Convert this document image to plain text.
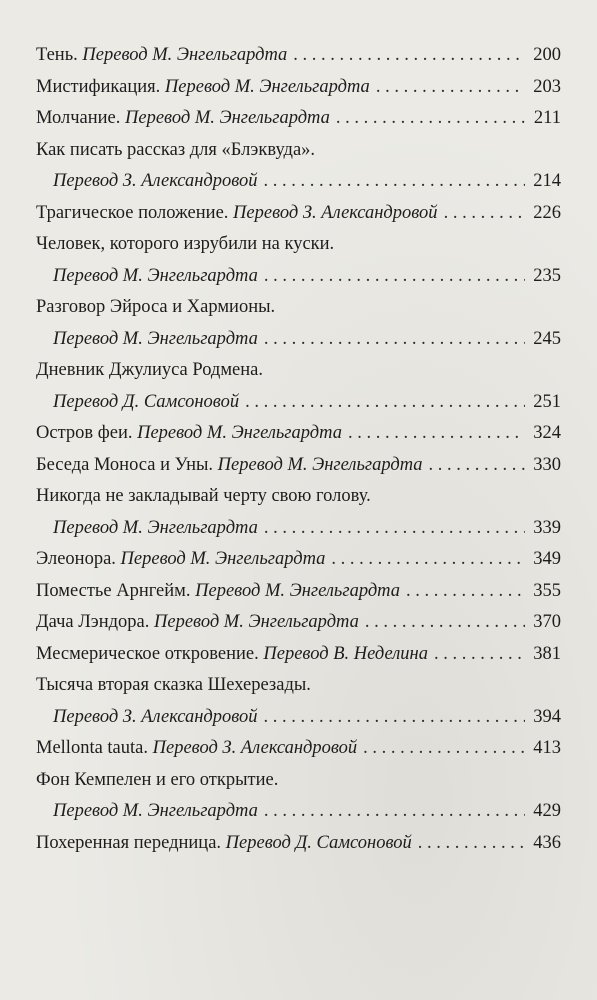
Тень.
Перевод М. Энгельгардта . . .	200
Мистификация.
Перевод М. Энгельгардта . . .	203
Молчание.
Перевод М. Энгельгардта . . .	211
Как писать рассказ для «Блэквуда».
Перевод З. Александровой . . .	214
Трагическое положение.
Перевод З. Александровой . . .	226
Человек, которого изрубили на куски.
Перевод М. Энгельгардта . . .	235
Разговор Эйроса и Хармионы.
Перевод М. Энгельгардта . . .	245
Дневник Джулиуса Родмена.
Перевод Д. Самсоновой . . .	251
Остров феи.
Перевод М. Энгельгардта . . .	324
Беседа Моноса и Уны.
Перевод М. Энгельгардта . . .	330
Никогда не закладывай черту свою голову.
Перевод М. Энгельгардта . . .	339
Элеонора.
Перевод М. Энгельгардта . . .	349
Поместье Арнгейм.
Перевод М. Энгельгардта . . .	355
Дача Лэндора.
Перевод М. Энгельгардта . . .	370
Месмерическое откровение.
Перевод В. Неделина . . .	381
Тысяча вторая сказка Шехерезады.
Перевод З. Александровой . . .	394
Mellonta tauta.
Перевод З. Александровой . . .	413
Фон Кемпелен и его открытие.
Перевод М. Энгельгардта . . .	429
Похеренная передница.
Перевод Д. Самсоновой . . .	436
